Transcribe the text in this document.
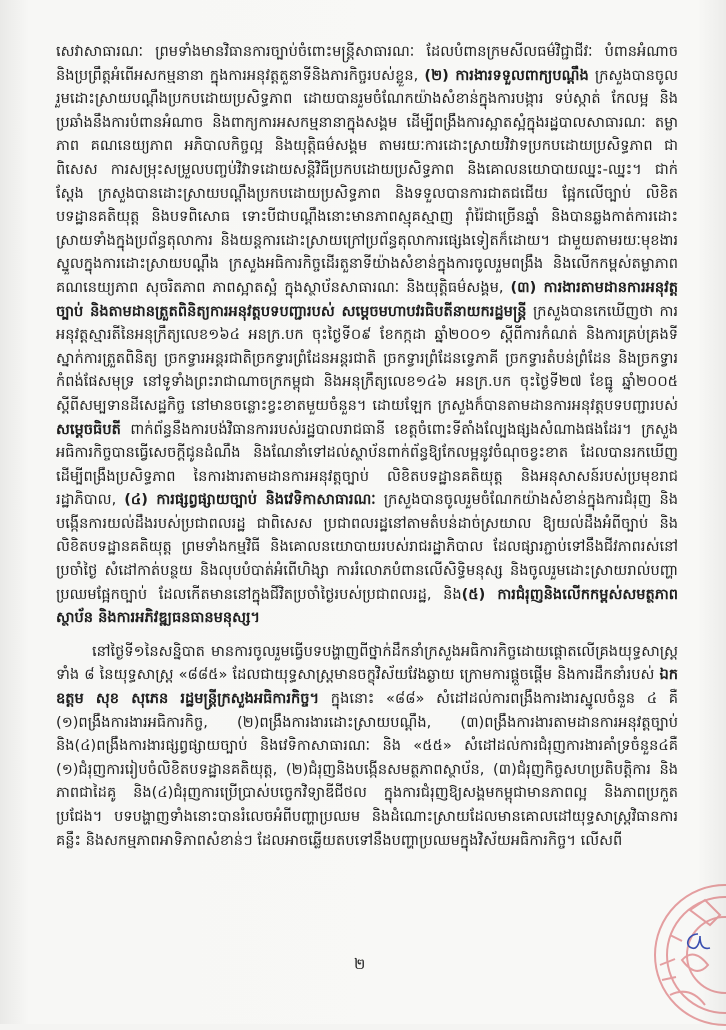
សេវាសាធារណៈ ព្រមទាំងមានវិធានការច្បាប់ចំពោះមន្ត្រីសាធារណៈ ដែលបំពានក្រមសីលធម៌វិជ្ជាជីវៈ បំពានអំណាច និងប្រព្រឹត្តអំពើអសកម្មនានា ក្នុងការអនុវត្តតួនាទីនិងភារកិច្ចរបស់ខ្លួន, (២) ការងារទទួលពាក្យបណ្តឹង ក្រសួងបានចូលរួមដោះស្រាយបណ្តឹងប្រកបដោយប្រសិទ្ធភាព ដោយបានរួមចំណែកយ៉ាងសំខាន់ក្នុងការបង្ការ ទប់ស្កាត់ កែលម្អ និង ប្រឆាំងនឹងការបំពានអំណាច និងពាក្យការអសកម្មនានាក្នុងសង្គម ដើម្បីពង្រឹងការស្អាតស្អំក្នុងរដ្ឋបាលសាធារណៈ តម្លាភាព គណនេយ្យភាព អភិបាលកិច្ចល្អ និងយុត្តិធម៌សង្គម តាមរយៈការដោះស្រាយវិវាទប្រកបដោយប្រសិទ្ធភាព ជាពិសេស ការសម្រុះសម្រួលបញ្ចប់វិវាទដោយសន្តិវិធីប្រកបដោយប្រសិទ្ធភាព និងគោលនយោបាយឈ្នះ-ឈ្នះ។ ជាក់ស្តែង ក្រសួងបានដោះស្រាយបណ្តឹងប្រកបដោយប្រសិទ្ធភាព និងទទួលបានការជាតជជើយ ផ្អែកលើច្បាប់ លិខិតបទដ្ឋានគតិយុត្ត និងបទពិសោធ ទោះបីជាបណ្តឹងនោះមានភាពស្មុគស្មាញ រ៉ាំរ៉ៃជាច្រើនឆ្នាំ និងបានឆ្លងកាត់ការដោះស្រាយទាំងក្នុងប្រព័ន្ធតុលាការ និងយន្តការដោះស្រាយក្រៅប្រព័ន្ធតុលាការផ្សេងទៀតក៏ដោយ។ ជាមួយតាមរយៈមុខងារស្នួលក្នុងការដោះស្រាយបណ្តឹង ក្រសួងអធិការកិច្ចដើរតួនាទីយ៉ាងសំខាន់ក្នុងការចូលរួមពង្រឹង និងលើកកម្ពស់តម្លាភាព គណនេយ្យភាព សុចរិតភាព ភាពស្អាតស្អំ ក្នុងស្ថាប័នសាធារណៈ និងយុត្តិធម៌សង្គម, (៣) ការងារតាមដានការអនុវត្តច្បាប់ និងតាមដានត្រួតពិនិត្យការអនុវត្តបទបញ្ជារបស់ សម្តេចមហាបវរធិបតីនាយករដ្ឋមន្ត្រី ក្រសួងបានកេឃើញថា ការអនុវត្តស្មារតីនៃអនុក្រឹត្យលេខ១៦៤ អនក្រ.បក ចុះថ្ងៃទី០៩ ខែកក្កដា ឆ្នាំ២០០១ ស្តីពីការកំណត់ និងការគ្រប់គ្រងទីស្នាក់ការត្រួតពិនិត្យ ច្រកទ្វារអន្តរជាតិច្រកទ្វារព្រំដែនអន្តរជាតិ ច្រកទ្វារព្រំដែនទ្វេភាគី ច្រកទ្វារតំបន់ព្រំដែន និងច្រកទ្វារកំពង់ផែសមុទ្រ នៅទូទាំងព្រះរាជាណាចក្រកម្ពុជា និងអនុក្រឹត្យលេខ១៤៦ អនក្រ.បក ចុះថ្ងៃទី២៧ ខែធ្នូ ឆ្នាំ២០០៥ ស្តីពីសម្បទានដីសេដ្ឋកិច្ច នៅមានចន្លោះខ្វះខាតមួយចំនួន។ ដោយឡែក ក្រសួងក៏បានតាមដានការអនុវត្តបទបញ្ជារបស់ សម្តេចធិបតី ពាក់ព័ន្ធនឹងការបង់វិធានការរបស់រដ្ឋបាលរាជធានី ខេត្តចំពោះទីតាំងល្បែងផ្សងសំណាងផងដែរ។ ក្រសួងអធិការកិច្ចបានធ្វើសេចក្តីជូនដំណឹង និងណែនាំទៅដល់ស្ថាប័នពាក់ព័ន្ធឱ្យកែលម្អនូវចំណុចខ្វះខាត ដែលបានរកឃើញ ដើម្បីពង្រឹងប្រសិទ្ធភាព នៃការងារតាមដានការអនុវត្តច្បាប់ លិខិតបទដ្ឋានគតិយុត្ត និងអនុសាសន៍របស់ប្រមុខរាជរដ្ឋាភិបាល, (៤) ការផ្សព្វផ្សាយច្បាប់ និងវេទិកាសាធារណៈ ក្រសួងបានចូលរួមចំណែកយ៉ាងសំខាន់ក្នុងការជំរុញ និងបង្កើនការយល់ដឹងរបស់ប្រជាពលរដ្ឋ ជាពិសេស ប្រជាពលរដ្ឋនៅតាមតំបន់ដាច់ស្រយាល ឱ្យយល់ដឹងអំពីច្បាប់ និងលិខិតបទដ្ឋានគតិយុត្ត ព្រមទាំងកម្មវិធី និងគោលនយោបាយរបស់រាជរដ្ឋាភិបាល ដែលផ្សារភ្ជាប់ទៅនឹងជីវភាពរស់នៅប្រចាំថ្ងៃ សំដៅកាត់បន្ថយ និងលុបបំបាត់អំពើហិង្សា ការរំលោភបំពានលើសិទ្ធិមនុស្ស និងចូលរួមដោះស្រាយរាល់បញ្ហាប្រឈមផ្អែកច្បាប់ ដែលកើតមាននៅក្នុងជីវិតប្រចាំថ្ងៃរបស់ប្រជាពលរដ្ឋ, និង(៥) ការជំរុញនិងលើកកម្ពស់សមត្ថភាពស្ថាប័ន និងការអភិវឌ្ឍធនធានមនុស្ស។

នៅថ្ងៃទី១នៃសន្និបាត មានការចូលរួមធ្វើបទបង្ហាញពីថ្នាក់ដឹកនាំក្រសួងអធិការកិច្ចដោយផ្តោតលើគ្រងយុទ្ធសាស្ត្រទាំង ៨ នៃយុទ្ធសាស្ត្រ «៨៨៥» ដែលជាយុទ្ធសាស្ត្រមានចក្ខុវិស័យវែងឆ្ងាយ ក្រោមការផ្តួចផ្តើម និងការដឹកនាំរបស់ ឯកឧត្តម សុខ សុភេន រដ្ឋមន្ត្រីក្រសួងអធិការកិច្ច។ ក្នុងនោះ «៨៨» សំដៅដល់ការពង្រឹងការងារស្នូលចំនួន ៤ គឺ (១)ពង្រឹងការងារអធិការកិច្ច, (២)ពង្រឹងការងារដោះស្រាយបណ្តឹង, (៣)ពង្រឹងការងារតាមដានការអនុវត្តច្បាប់ និង(៤)ពង្រឹងការងារផ្សព្វផ្សាយច្បាប់ និងវេទិកាសាធារណៈ និង «៥៥» សំដៅដល់ការជំរុញការងារគាំទ្រចំនួន៤គឺ (១)ជំរុញការរៀបចំលិខិតបទដ្ឋានគតិយុត្ត, (២)ជំរុញនិងបង្កើនសមត្ថភាពស្ថាប័ន, (៣)ជំរុញកិច្ចសហប្រតិបត្តិការ និងភាពជាដៃគូ និង(៤)ជំរុញការប្រើប្រាស់បច្ចេកវិទ្យាឌីជីថល ក្នុងការជំរុញឱ្យសង្គមកម្ពុជាមានភាពល្អ និងភាពប្រកួតប្រជែង។ បទបង្ហាញទាំងនោះបានរំលេចអំពីបញ្ហាប្រឈម និងដំណោះស្រាយដែលមានគោលដៅយុទ្ធសាស្ត្រវិធានការគន្លឹះ និងសកម្មភាពអាទិភាពសំខាន់ៗ ដែលអាចឆ្លើយតបទៅនឹងបញ្ហាប្រឈមក្នុងវិស័យអធិការកិច្ច។ លើសពី

២
